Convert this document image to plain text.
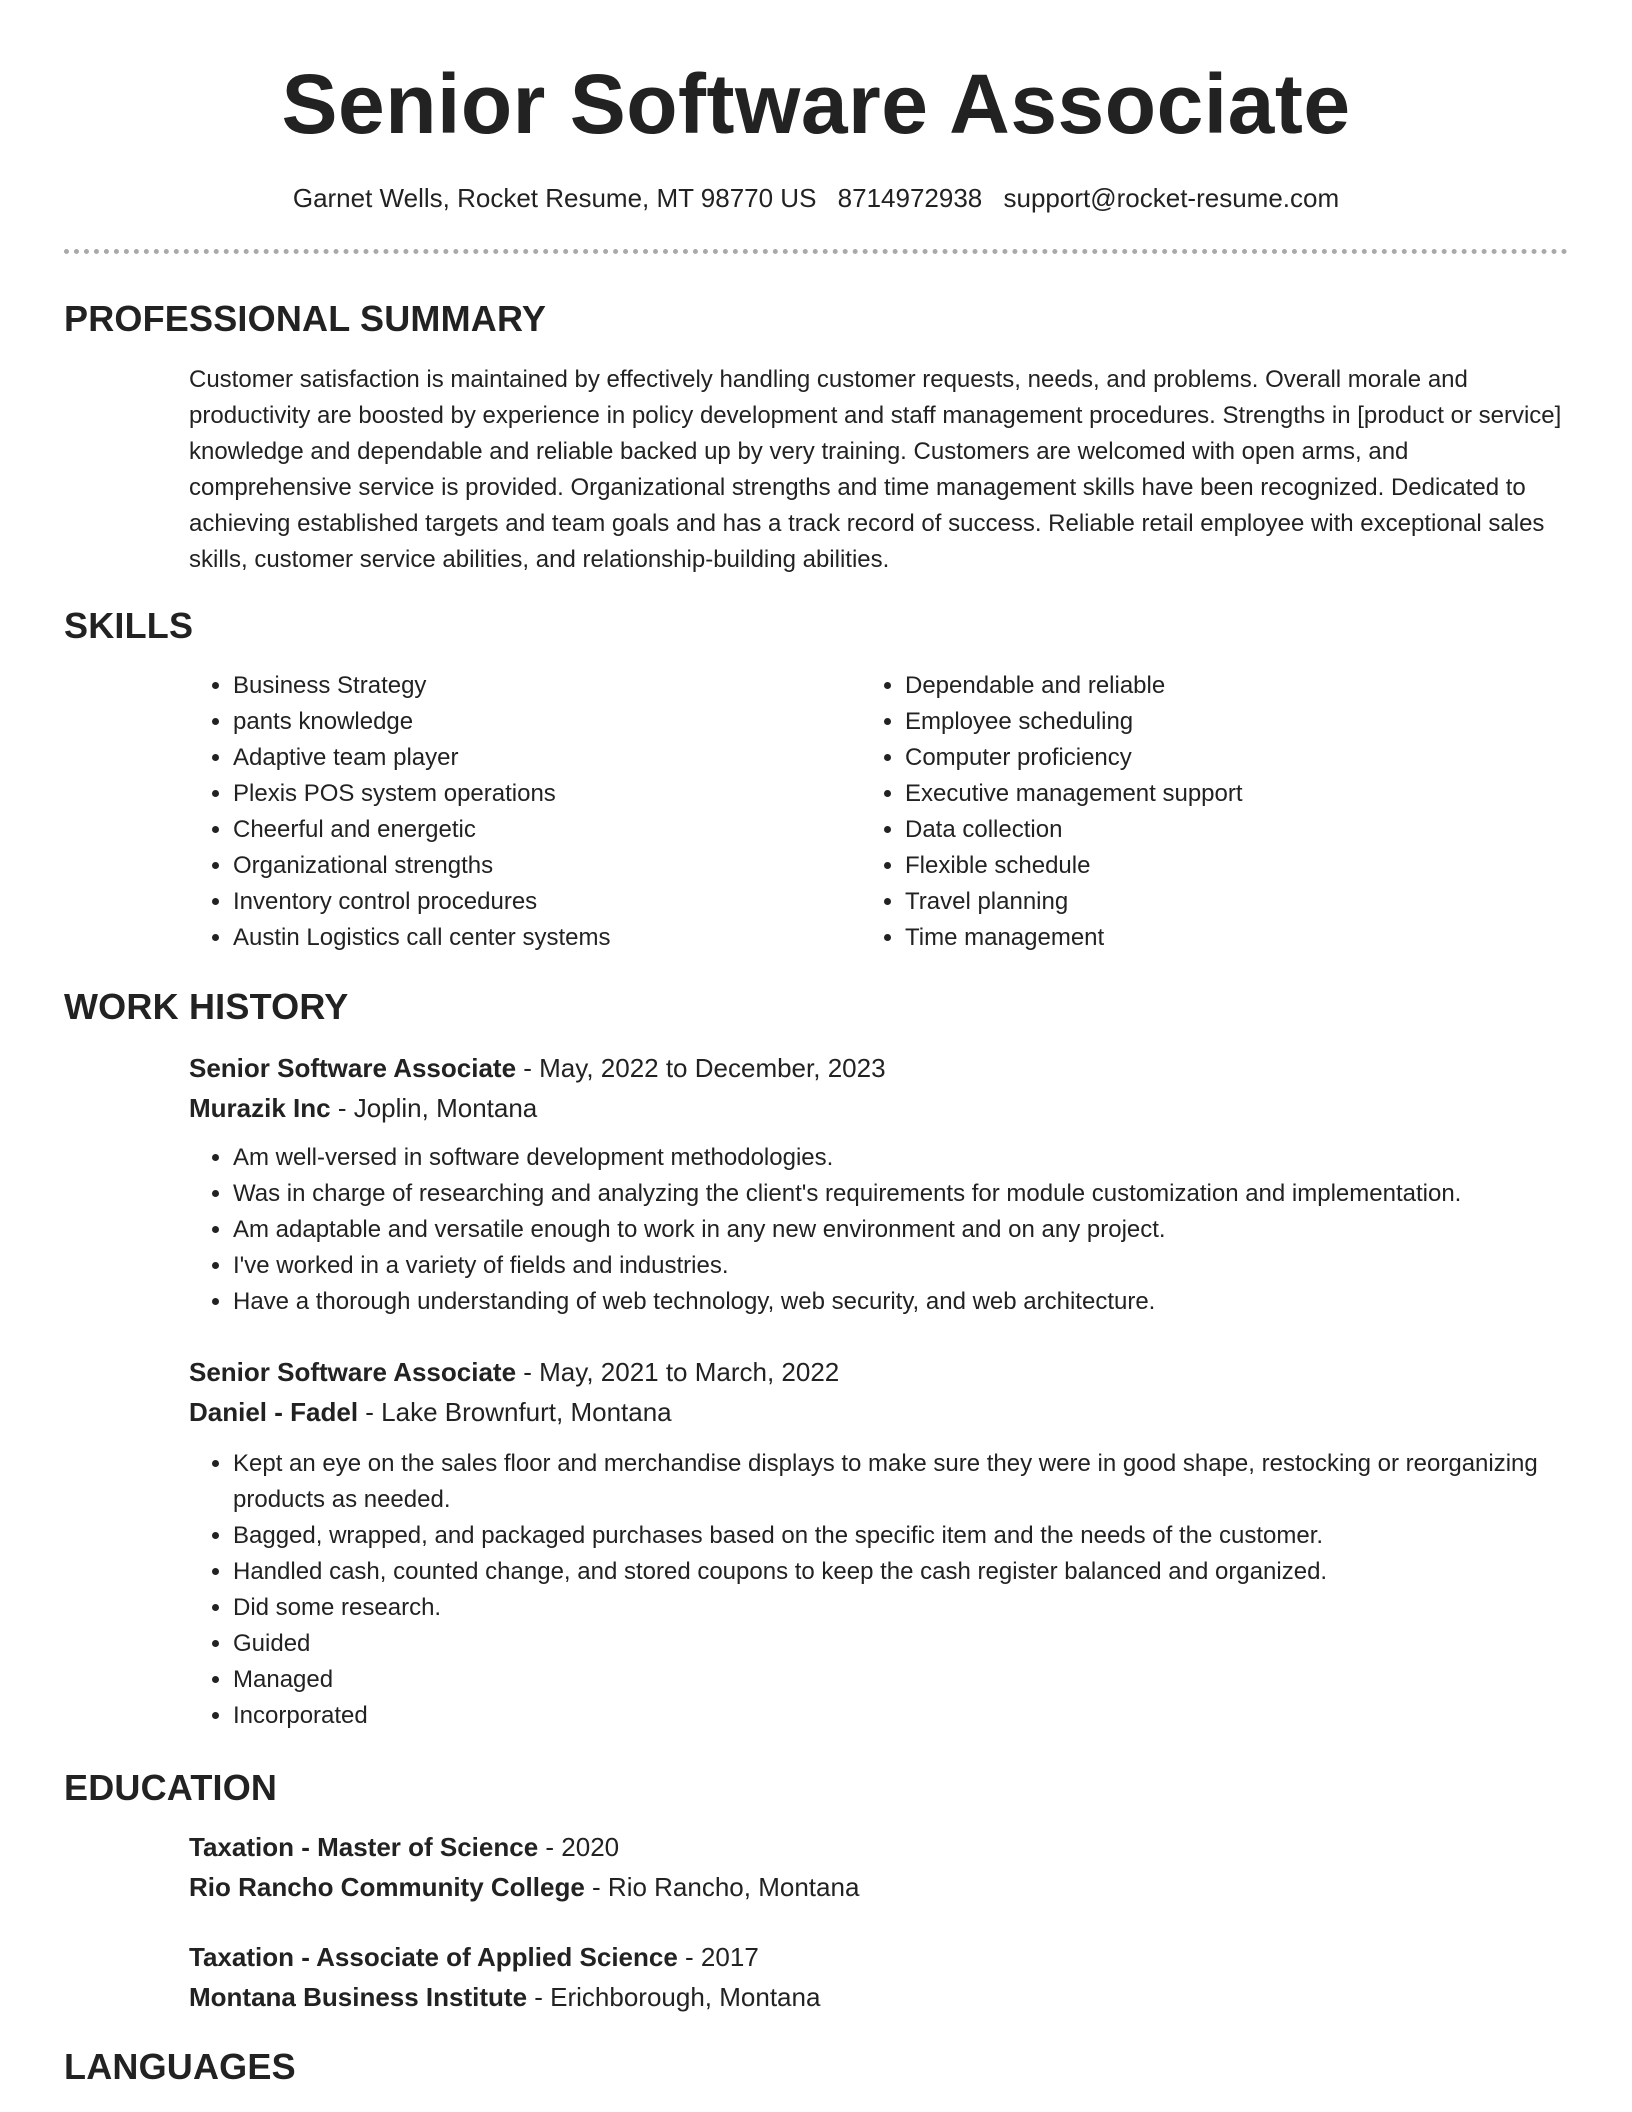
Senior Software Associate
Garnet Wells, Rocket Resume, MT 98770 US 8714972938 support@rocket-resume.com
PROFESSIONAL SUMMARY
Customer satisfaction is maintained by effectively handling customer requests, needs, and problems. Overall morale and productivity are boosted by experience in policy development and staff management procedures. Strengths in [product or service] knowledge and dependable and reliable backed up by very training. Customers are welcomed with open arms, and comprehensive service is provided. Organizational strengths and time management skills have been recognized. Dedicated to achieving established targets and team goals and has a track record of success. Reliable retail employee with exceptional sales skills, customer service abilities, and relationship-building abilities.
SKILLS
• Business Strategy
• pants knowledge
• Adaptive team player
• Plexis POS system operations
• Cheerful and energetic
• Organizational strengths
• Inventory control procedures
• Austin Logistics call center systems
• Dependable and reliable
• Employee scheduling
• Computer proficiency
• Executive management support
• Data collection
• Flexible schedule
• Travel planning
• Time management
WORK HISTORY
Senior Software Associate - May, 2022 to December, 2023
Murazik Inc - Joplin, Montana
• Am well-versed in software development methodologies.
• Was in charge of researching and analyzing the client's requirements for module customization and implementation.
• Am adaptable and versatile enough to work in any new environment and on any project.
• I've worked in a variety of fields and industries.
• Have a thorough understanding of web technology, web security, and web architecture.
Senior Software Associate - May, 2021 to March, 2022
Daniel - Fadel - Lake Brownfurt, Montana
• Kept an eye on the sales floor and merchandise displays to make sure they were in good shape, restocking or reorganizing products as needed.
• Bagged, wrapped, and packaged purchases based on the specific item and the needs of the customer.
• Handled cash, counted change, and stored coupons to keep the cash register balanced and organized.
• Did some research.
• Guided
• Managed
• Incorporated
EDUCATION
Taxation - Master of Science - 2020
Rio Rancho Community College - Rio Rancho, Montana
Taxation - Associate of Applied Science - 2017
Montana Business Institute - Erichborough, Montana
LANGUAGES
